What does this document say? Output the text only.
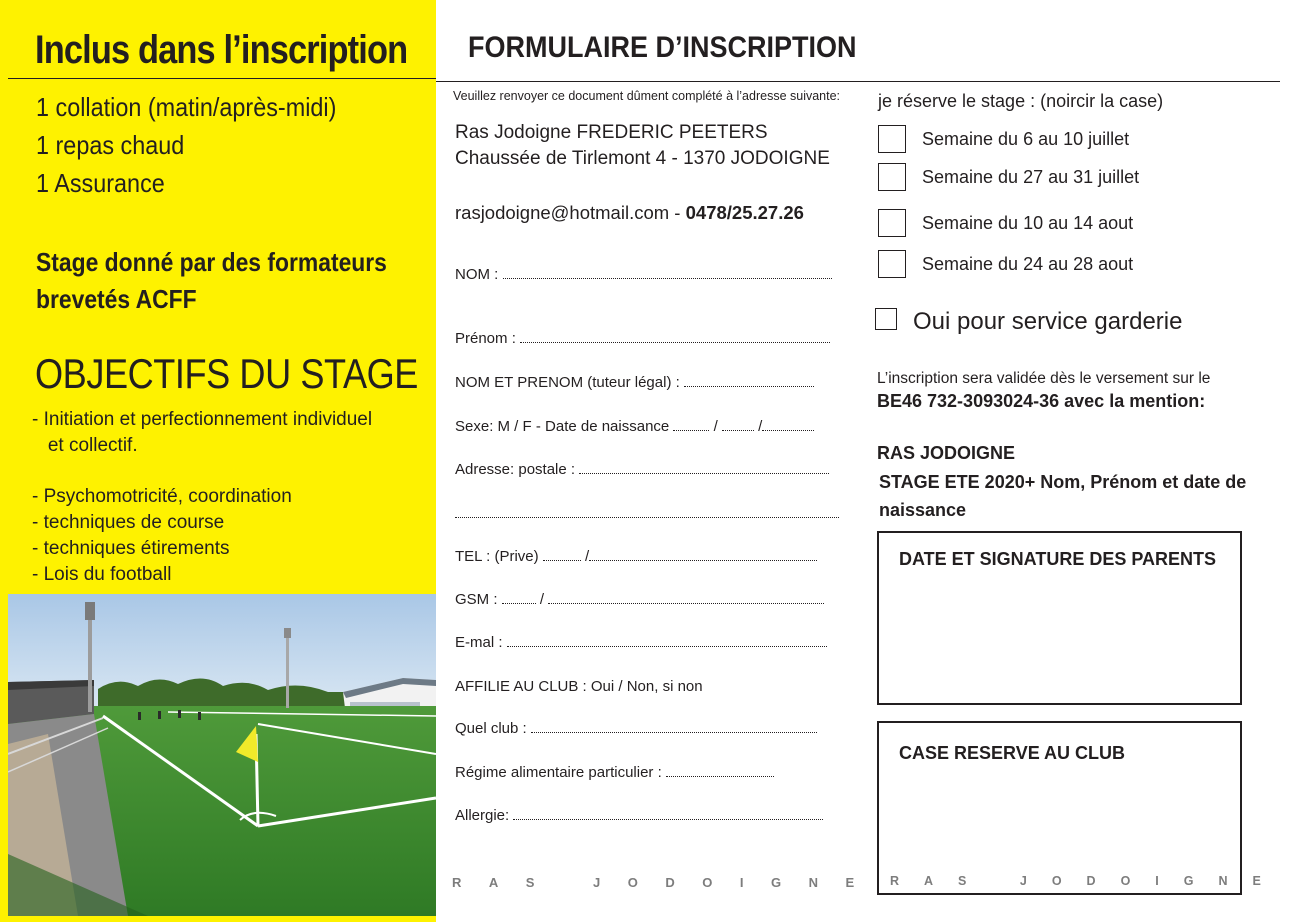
Inclus dans l’inscription
1 collation (matin/après-midi)
1 repas chaud
1 Assurance
Stage donné par des formateurs
brevetés ACFF
OBJECTIFS DU STAGE
- Initiation et perfectionnement individuel
et collectif.
- Psychomotricité, coordination
- techniques de course
- techniques étirements
- Lois du football
FORMULAIRE D’INSCRIPTION
Veuillez renvoyer ce document dûment complété à l’adresse suivante:
Ras Jodoigne FREDERIC PEETERS
Chaussée de Tirlemont 4 - 1370 JODOIGNE
rasjodoigne@hotmail.com - 0478/25.27.26
NOM :
Prénom :
NOM ET PRENOM (tuteur légal) :
Sexe: M / F - Date de naissance	/	/
Adresse: postale :
TEL : (Prive)	/
GSM :	/
E-mal :
AFFILIE AU CLUB : Oui / Non, si non
Quel club :
Régime alimentaire particulier :
Allergie:
RAS JODOIGNE
je réserve le stage : (noircir la case)
Semaine du 6 au 10 juillet
Semaine du 27 au 31 juillet
Semaine du 10 au 14 aout
Semaine du 24 au 28 aout
Oui pour service garderie
L’inscription sera validée dès le versement sur le
BE46 732-3093024-36 avec la mention:
RAS JODOIGNE
STAGE ETE 2020+ Nom, Prénom et date de naissance
DATE ET SIGNATURE DES PARENTS
CASE RESERVE AU CLUB
RAS JODOIGNE
